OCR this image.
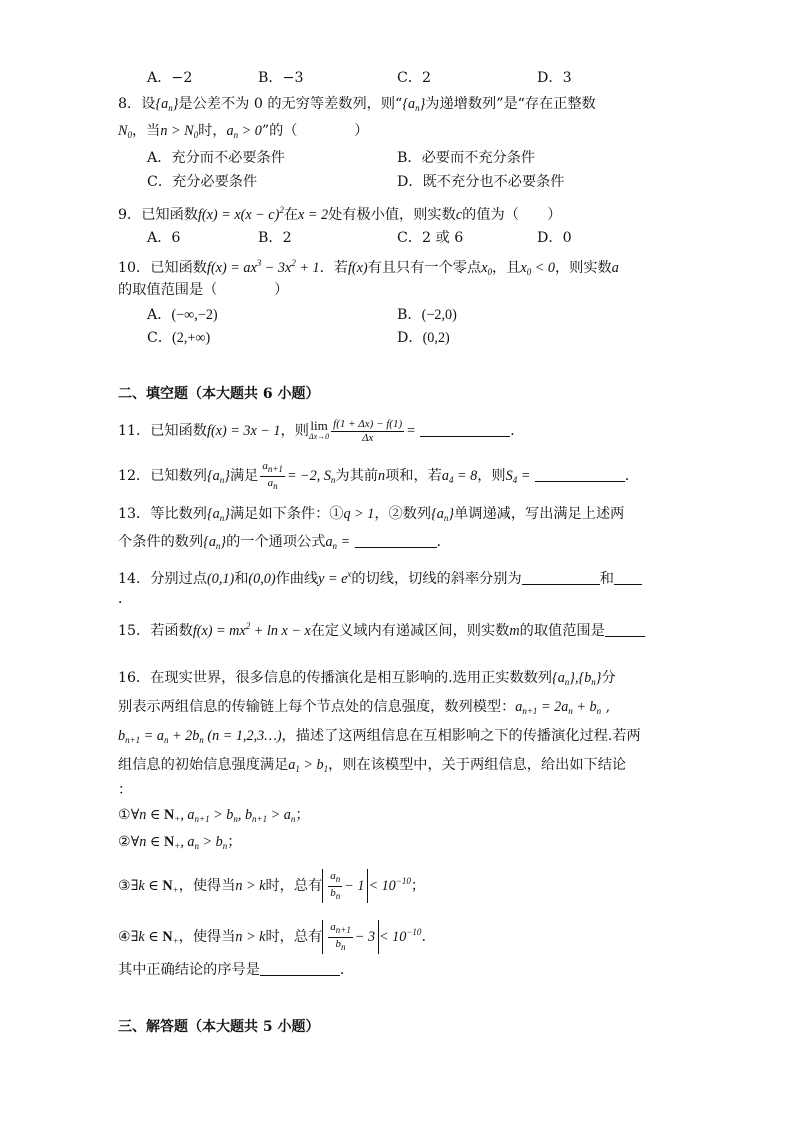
A．−2	B．−3	C．2	D．3
8．设$\{a_n\}$是公差不为 0 的无穷等差数列，则“$\{a_n\}$为递增数列”是“存在正整数
$N_0$，当$n > N_0$时，$a_n > 0$”的（　　　　）
A．充分而不必要条件	B．必要而不充分条件
C．充分必要条件	D．既不充分也不必要条件
9．已知函数$f(x) = x(x - c)^2$在x = 2处有极小值，则实数c的值为（　　）
A．6	B．2	C．2 或 6	D．0
10．已知函数$f(x) = ax^3 - 3x^2 + 1$．若f(x)有且只有一个零点$x_0$，且$x_0 < 0$，则实数a
的取值范围是（　　　　）
A．(−∞,−2)	B．(−2,0)
C．(2,+∞)	D．(0,2)
二、填空题（本大题共 6 小题）
11．已知函数f(x) = 3x − 1，则 lim
$\Delta x\to 0 \frac{f(1 + \Delta x) - f(1)}{\Delta x}$ =	．
12．已知数列$\{a_n\}$满足 $\frac{a_{n+1}}{a_n} = -2$, $S_n$为其前n项和，若$a_4 = 8$，则$S_4$ =	．
13．等比数列$\{a_n\}$满足如下条件：①q > 1，②数列$\{a_n\}$单调递减，写出满足上述两
个条件的数列$\{a_n\}$的一个通项公式$a_n$ =	．
14．分别过点(0,1)和(0,0)作曲线$y = e^x$的切线，切线的斜率分别为	和
．
15．若函数$f(x) = mx^2 + \ln x - x$在定义域内有递减区间，则实数m的取值范围是
16．在现实世界，很多信息的传播演化是相互影响的.选用正实数数列$\{a_n\},\{b_n\}$分
别表示两组信息的传输链上每个节点处的信息强度，数列模型：$a_{n+1} = 2a_n + b_n$ ,
$b_{n+1} = a_n + 2b_n$ (n = 1,2,3…)，描述了这两组信息在互相影响之下的传播演化过程.若两
组信息的初始信息强度满足$a_1 > b_1$，则在该模型中，关于两组信息，给出如下结论
：
①∀n ∈ $N_+$, $a_{n+1} > b_n$, $b_{n+1} > a_n$；
②∀n ∈ $N_+$, $a_n > b_n$；
③∃k ∈ $N_+$，使得当n > k时，总有 $\frac{a_n}{b_n} - 1 < 10^{-10}$；
④∃k ∈ $N_+$，使得当n > k时，总有 $\frac{a_{n+1}}{b_n} - 3 < 10^{-10}$.
其中正确结论的序号是	.
三、解答题（本大题共 5 小题）
